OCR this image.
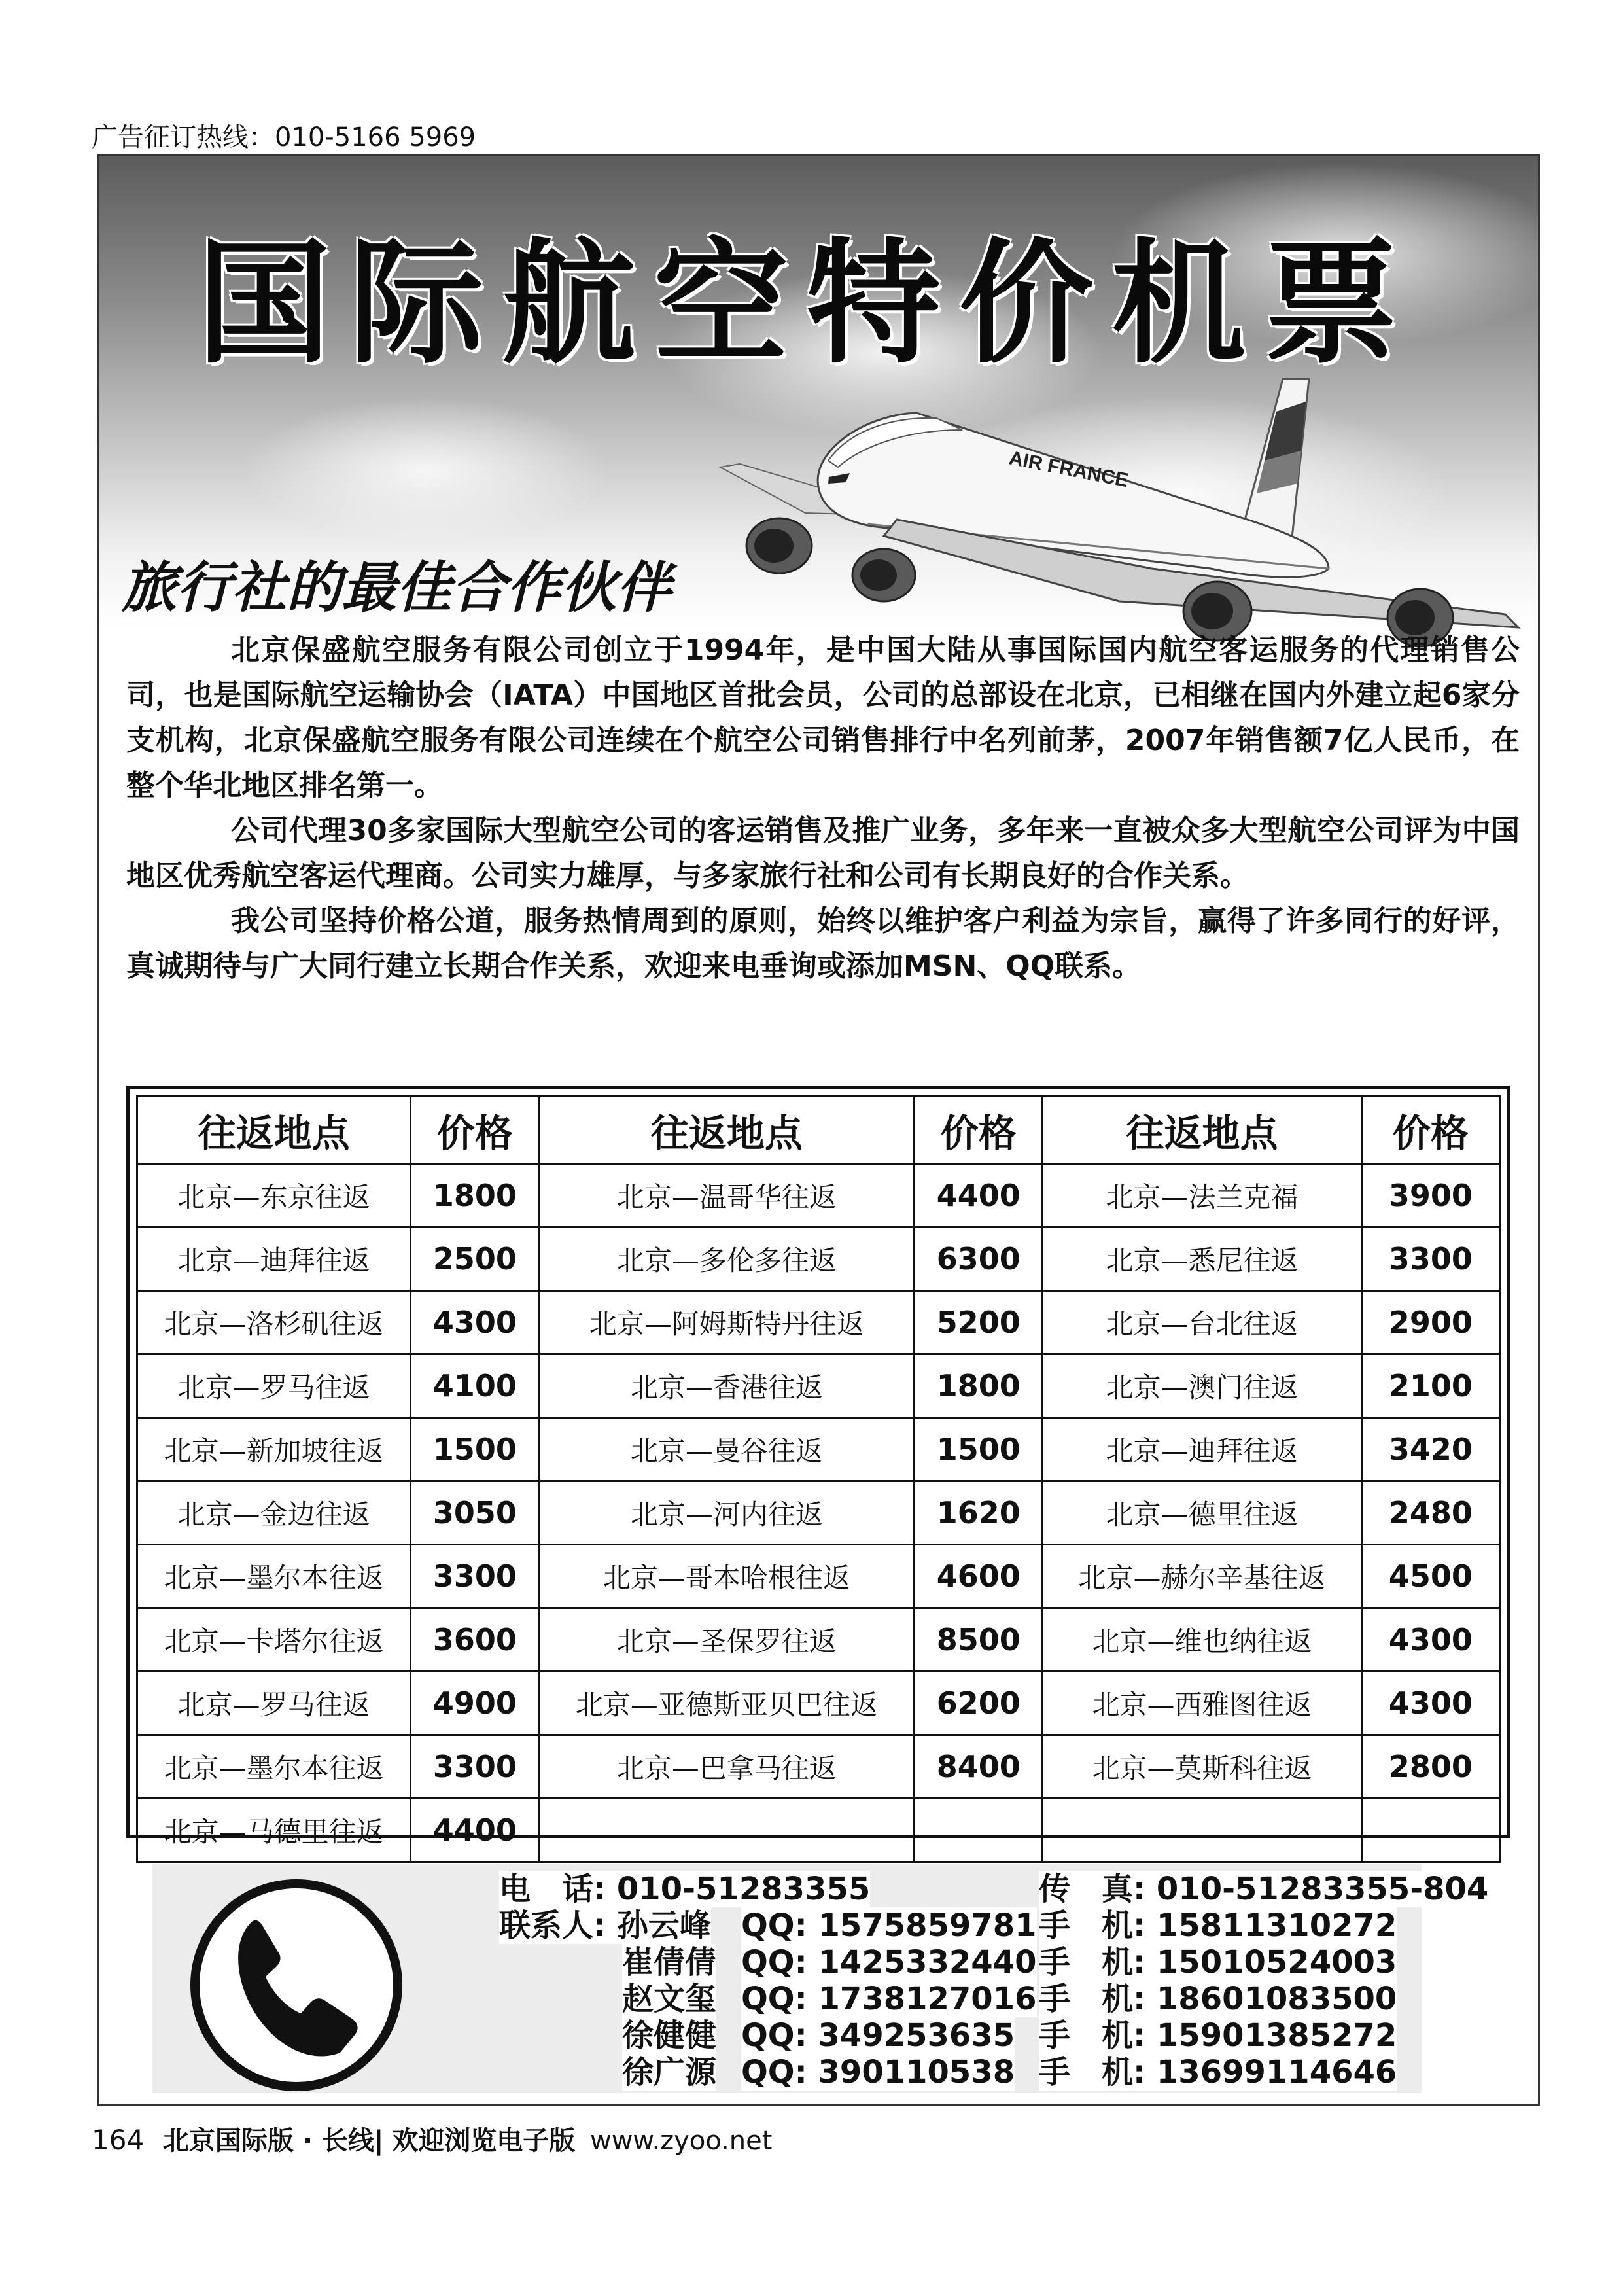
广告征订热线：010-5166 5969
AIR FRANCE
国际航空特价机票
旅行社的最佳合作伙伴

北京保盛航空服务有限公司创立于1994年，是中国大陆从事国际国内航空客运服务的代理销售公司，也是国际航空运输协会（IATA）中国地区首批会员，公司的总部设在北京，已相继在国内外建立起6家分支机构，北京保盛航空服务有限公司连续在个航空公司销售排行中名列前茅，2007年销售额7亿人民币，在整个华北地区排名第一。

公司代理30多家国际大型航空公司的客运销售及推广业务，多年来一直被众多大型航空公司评为中国地区优秀航空客运代理商。公司实力雄厚，与多家旅行社和公司有长期良好的合作关系。

我公司坚持价格公道，服务热情周到的原则，始终以维护客户利益为宗旨，赢得了许多同行的好评，真诚期待与广大同行建立长期合作关系，欢迎来电垂询或添加MSN、QQ联系。

往返地点	价格	往返地点	价格	往返地点	价格
北京—东京往返	1800	北京—温哥华往返	4400	北京—法兰克福	3900
北京—迪拜往返	2500	北京—多伦多往返	6300	北京—悉尼往返	3300
北京—洛杉矶往返	4300	北京—阿姆斯特丹往返	5200	北京—台北往返	2900
北京—罗马往返	4100	北京—香港往返	1800	北京—澳门往返	2100
北京—新加坡往返	1500	北京—曼谷往返	1500	北京—迪拜往返	3420
北京—金边往返	3050	北京—河内往返	1620	北京—德里往返	2480
北京—墨尔本往返	3300	北京—哥本哈根往返	4600	北京—赫尔辛基往返	4500
北京—卡塔尔往返	3600	北京—圣保罗往返	8500	北京—维也纳往返	4300
北京—罗马往返	4900	北京—亚德斯亚贝巴往返	6200	北京—西雅图往返	4300
北京—墨尔本往返	3300	北京—巴拿马往返	8400	北京—莫斯科往返	2800
北京—马德里往返	4400				
电　话: 010-51283355	传　真: 010-51283355-804
联系人: 孙云峰 QQ: 1575859781 手　机: 15811310272
崔倩倩 QQ: 1425332440 手　机: 15010524003
赵文玺 QQ: 1738127016 手　机: 18601083500
徐健健 QQ: 349253635 手　机: 15901385272
徐广源 QQ: 390110538 手　机: 13699114646
164 北京国际版 · 长线| 欢迎浏览电子版 www.zyoo.net
